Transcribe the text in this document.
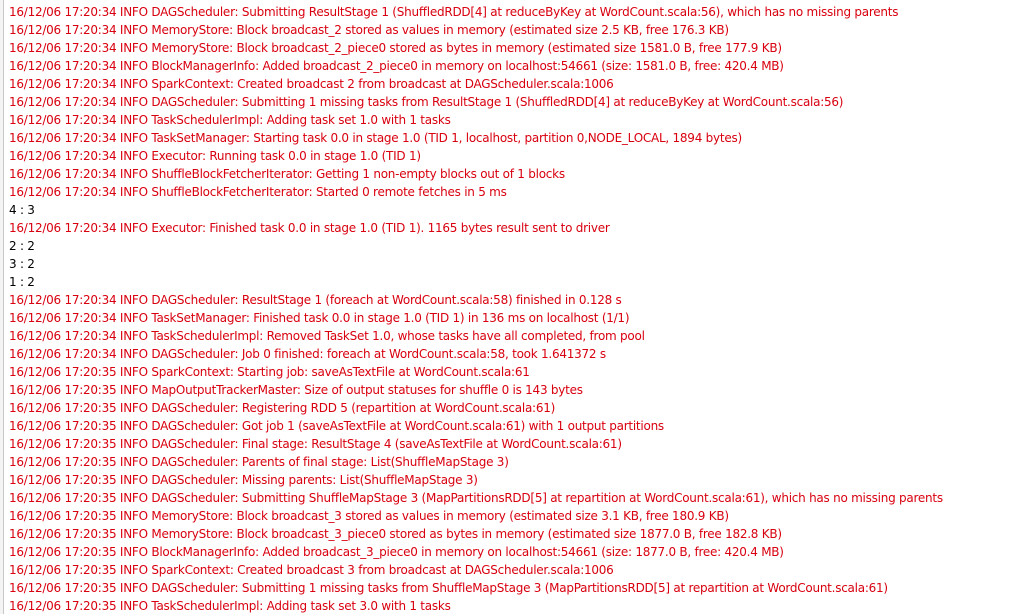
16/12/06 17:20:34 INFO DAGScheduler: Submitting ResultStage 1 (ShuffledRDD[4] at reduceByKey at WordCount.scala:56), which has no missing parents
16/12/06 17:20:34 INFO MemoryStore: Block broadcast_2 stored as values in memory (estimated size 2.5 KB, free 176.3 KB)
16/12/06 17:20:34 INFO MemoryStore: Block broadcast_2_piece0 stored as bytes in memory (estimated size 1581.0 B, free 177.9 KB)
16/12/06 17:20:34 INFO BlockManagerInfo: Added broadcast_2_piece0 in memory on localhost:54661 (size: 1581.0 B, free: 420.4 MB)
16/12/06 17:20:34 INFO SparkContext: Created broadcast 2 from broadcast at DAGScheduler.scala:1006
16/12/06 17:20:34 INFO DAGScheduler: Submitting 1 missing tasks from ResultStage 1 (ShuffledRDD[4] at reduceByKey at WordCount.scala:56)
16/12/06 17:20:34 INFO TaskSchedulerImpl: Adding task set 1.0 with 1 tasks
16/12/06 17:20:34 INFO TaskSetManager: Starting task 0.0 in stage 1.0 (TID 1, localhost, partition 0,NODE_LOCAL, 1894 bytes)
16/12/06 17:20:34 INFO Executor: Running task 0.0 in stage 1.0 (TID 1)
16/12/06 17:20:34 INFO ShuffleBlockFetcherIterator: Getting 1 non-empty blocks out of 1 blocks
16/12/06 17:20:34 INFO ShuffleBlockFetcherIterator: Started 0 remote fetches in 5 ms
4 : 3
16/12/06 17:20:34 INFO Executor: Finished task 0.0 in stage 1.0 (TID 1). 1165 bytes result sent to driver
2 : 2
3 : 2
1 : 2
16/12/06 17:20:34 INFO DAGScheduler: ResultStage 1 (foreach at WordCount.scala:58) finished in 0.128 s
16/12/06 17:20:34 INFO TaskSetManager: Finished task 0.0 in stage 1.0 (TID 1) in 136 ms on localhost (1/1)
16/12/06 17:20:34 INFO TaskSchedulerImpl: Removed TaskSet 1.0, whose tasks have all completed, from pool
16/12/06 17:20:34 INFO DAGScheduler: Job 0 finished: foreach at WordCount.scala:58, took 1.641372 s
16/12/06 17:20:35 INFO SparkContext: Starting job: saveAsTextFile at WordCount.scala:61
16/12/06 17:20:35 INFO MapOutputTrackerMaster: Size of output statuses for shuffle 0 is 143 bytes
16/12/06 17:20:35 INFO DAGScheduler: Registering RDD 5 (repartition at WordCount.scala:61)
16/12/06 17:20:35 INFO DAGScheduler: Got job 1 (saveAsTextFile at WordCount.scala:61) with 1 output partitions
16/12/06 17:20:35 INFO DAGScheduler: Final stage: ResultStage 4 (saveAsTextFile at WordCount.scala:61)
16/12/06 17:20:35 INFO DAGScheduler: Parents of final stage: List(ShuffleMapStage 3)
16/12/06 17:20:35 INFO DAGScheduler: Missing parents: List(ShuffleMapStage 3)
16/12/06 17:20:35 INFO DAGScheduler: Submitting ShuffleMapStage 3 (MapPartitionsRDD[5] at repartition at WordCount.scala:61), which has no missing parents
16/12/06 17:20:35 INFO MemoryStore: Block broadcast_3 stored as values in memory (estimated size 3.1 KB, free 180.9 KB)
16/12/06 17:20:35 INFO MemoryStore: Block broadcast_3_piece0 stored as bytes in memory (estimated size 1877.0 B, free 182.8 KB)
16/12/06 17:20:35 INFO BlockManagerInfo: Added broadcast_3_piece0 in memory on localhost:54661 (size: 1877.0 B, free: 420.4 MB)
16/12/06 17:20:35 INFO SparkContext: Created broadcast 3 from broadcast at DAGScheduler.scala:1006
16/12/06 17:20:35 INFO DAGScheduler: Submitting 1 missing tasks from ShuffleMapStage 3 (MapPartitionsRDD[5] at repartition at WordCount.scala:61)
16/12/06 17:20:35 INFO TaskSchedulerImpl: Adding task set 3.0 with 1 tasks
